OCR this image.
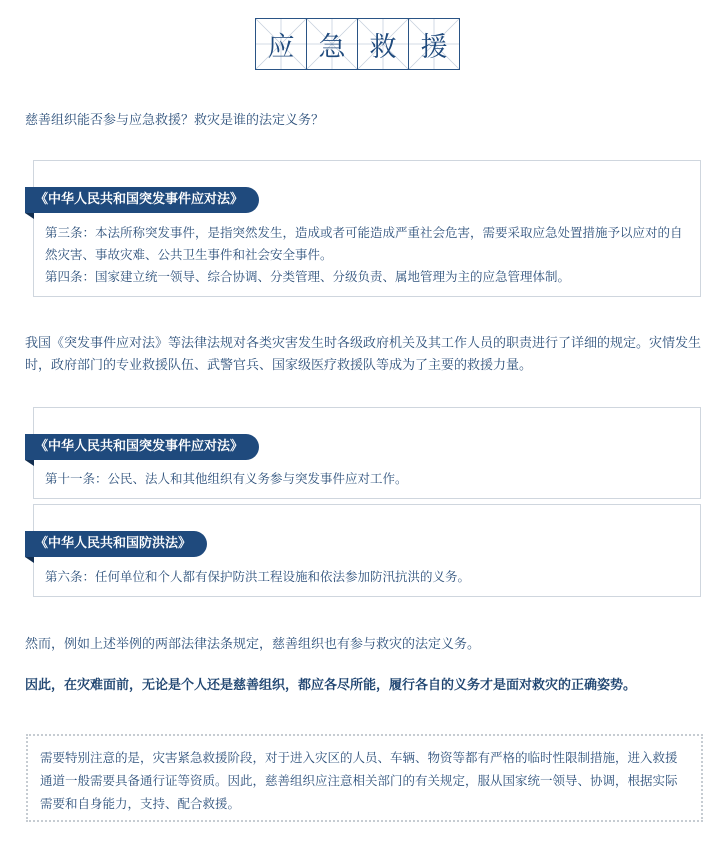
应 急 救 援
慈善组织能否参与应急救援？救灾是谁的法定义务？
《中华人民共和国突发事件应对法》
第三条：本法所称突发事件，是指突然发生，造成或者可能造成严重社会危害，需要采取应急处置措施予以应对的自然灾害、事故灾难、公共卫生事件和社会安全事件。
第四条：国家建立统一领导、综合协调、分类管理、分级负责、属地管理为主的应急管理体制。
我国《突发事件应对法》等法律法规对各类灾害发生时各级政府机关及其工作人员的职责进行了详细的规定。灾情发生时，政府部门的专业救援队伍、武警官兵、国家级医疗救援队等成为了主要的救援力量。
《中华人民共和国突发事件应对法》
第十一条：公民、法人和其他组织有义务参与突发事件应对工作。
《中华人民共和国防洪法》
第六条：任何单位和个人都有保护防洪工程设施和依法参加防汛抗洪的义务。
然而，例如上述举例的两部法律法条规定，慈善组织也有参与救灾的法定义务。
因此，在灾难面前，无论是个人还是慈善组织，都应各尽所能，履行各自的义务才是面对救灾的正确姿势。
需要特别注意的是，灾害紧急救援阶段，对于进入灾区的人员、车辆、物资等都有严格的临时性限制措施，进入救援通道一般需要具备通行证等资质。因此，慈善组织应注意相关部门的有关规定，服从国家统一领导、协调，根据实际需要和自身能力，支持、配合救援。
